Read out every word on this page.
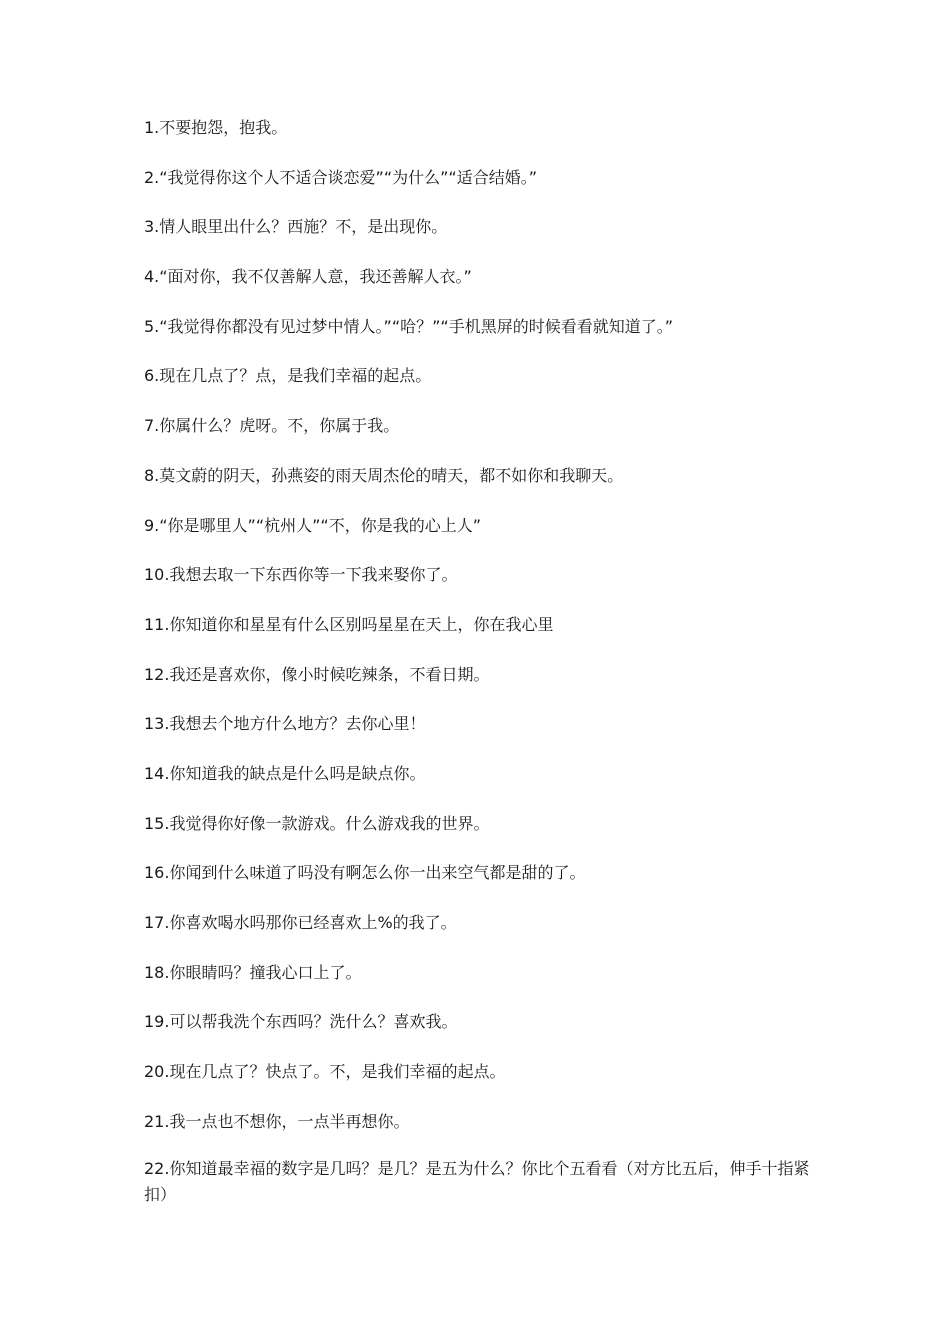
1.不要抱怨，抱我。
2.“我觉得你这个人不适合谈恋爱”“为什么”“适合结婚。”
3.情人眼里出什么？西施？不，是出现你。
4.“面对你，我不仅善解人意，我还善解人衣。”
5.“我觉得你都没有见过梦中情人。”“哈？”“手机黑屏的时候看看就知道了。”
6.现在几点了？点，是我们幸福的起点。
7.你属什么？虎呀。不，你属于我。
8.莫文蔚的阴天，孙燕姿的雨天周杰伦的晴天，都不如你和我聊天。
9.“你是哪里人”“杭州人”“不，你是我的心上人”
10.我想去取一下东西你等一下我来娶你了。
11.你知道你和星星有什么区别吗星星在天上，你在我心里
12.我还是喜欢你，像小时候吃辣条，不看日期。
13.我想去个地方什么地方？去你心里！
14.你知道我的缺点是什么吗是缺点你。
15.我觉得你好像一款游戏。什么游戏我的世界。
16.你闻到什么味道了吗没有啊怎么你一出来空气都是甜的了。
17.你喜欢喝水吗那你已经喜欢上%的我了。
18.你眼睛吗？撞我心口上了。
19.可以帮我洗个东西吗？洗什么？喜欢我。
20.现在几点了？快点了。不，是我们幸福的起点。
21.我一点也不想你，一点半再想你。
22.你知道最幸福的数字是几吗？是几？是五为什么？你比个五看看（对方比五后，伸手十指紧扣）
